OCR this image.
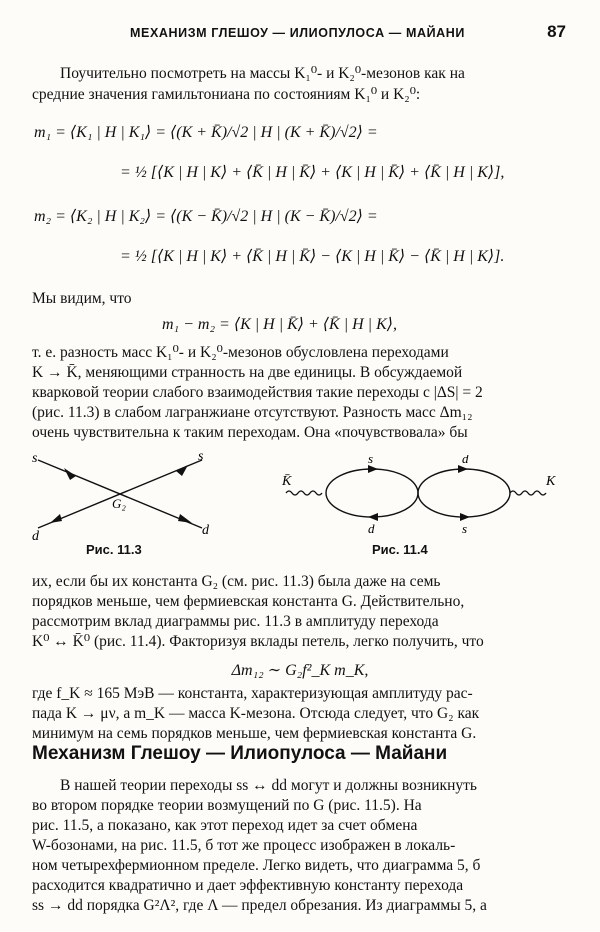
МЕХАНИЗМ ГЛЕШОУ — ИЛИОПУЛОСА — МАЙАНИ	87

Поучительно посмотреть на массы K₁⁰- и K₂⁰-мезонов как на

средние значения гамильтониана по состояниям K₁⁰ и K₂⁰:

m₁ = ⟨K₁ | H | K₁⟩ = ⟨(K + K̄)/√2 | H | (K + K̄)/√2⟩ =
= ½ [⟨K | H | K⟩ + ⟨K̄ | H | K̄⟩ + ⟨K | H | K̄⟩ + ⟨K̄ | H | K⟩],
m₂ = ⟨K₂ | H | K₂⟩ = ⟨(K − K̄)/√2 | H | (K − K̄)/√2⟩ =
= ½ [⟨K | H | K⟩ + ⟨K̄ | H | K̄⟩ − ⟨K | H | K̄⟩ − ⟨K̄ | H | K⟩].

Мы видим, что

m₁ − m₂ = ⟨K | H | K̄⟩ + ⟨K̄ | H | K⟩,

т. е. разность масс K₁⁰- и K₂⁰-мезонов обусловлена переходами

K → K̄, меняющими странность на две единицы. В обсуждаемой

кварковой теории слабого взаимодействия такие переходы с |ΔS| = 2

(рис. 11.3) в слабом лагранжиане отсутствуют. Разность масс Δm₁₂

очень чувствительна к таким переходам. Она «почувствовала» бы

s	s
d	d
G₂
Рис. 11.3
K̄	K
s	d
d	s
Рис. 11.4

их, если бы их константа G₂ (см. рис. 11.3) была даже на семь

порядков меньше, чем фермиевская константа G. Действительно,

рассмотрим вклад диаграммы рис. 11.3 в амплитуду перехода

K⁰ ↔ K̄⁰ (рис. 11.4). Факторизуя вклады петель, легко получить, что

Δm₁₂ ∼ G₂f²_K m_K,

где f_K ≈ 165 МэВ — константа, характеризующая амплитуду рас-

пада K → μν, а m_K — масса K-мезона. Отсюда следует, что G₂ как

минимум на семь порядков меньше, чем фермиевская константа G.

Механизм Глешоу — Илиопулоса — Майани

В нашей теории переходы ss ↔ dd могут и должны возникнуть

во втором порядке теории возмущений по G (рис. 11.5). На

рис. 11.5, а показано, как этот переход идет за счет обмена

W-бозонами, на рис. 11.5, б тот же процесс изображен в локаль-

ном четырехфермионном пределе. Легко видеть, что диаграмма 5, б

расходится квадратично и дает эффективную константу перехода

ss → dd порядка G²Λ², где Λ — предел обрезания. Из диаграммы 5, а
